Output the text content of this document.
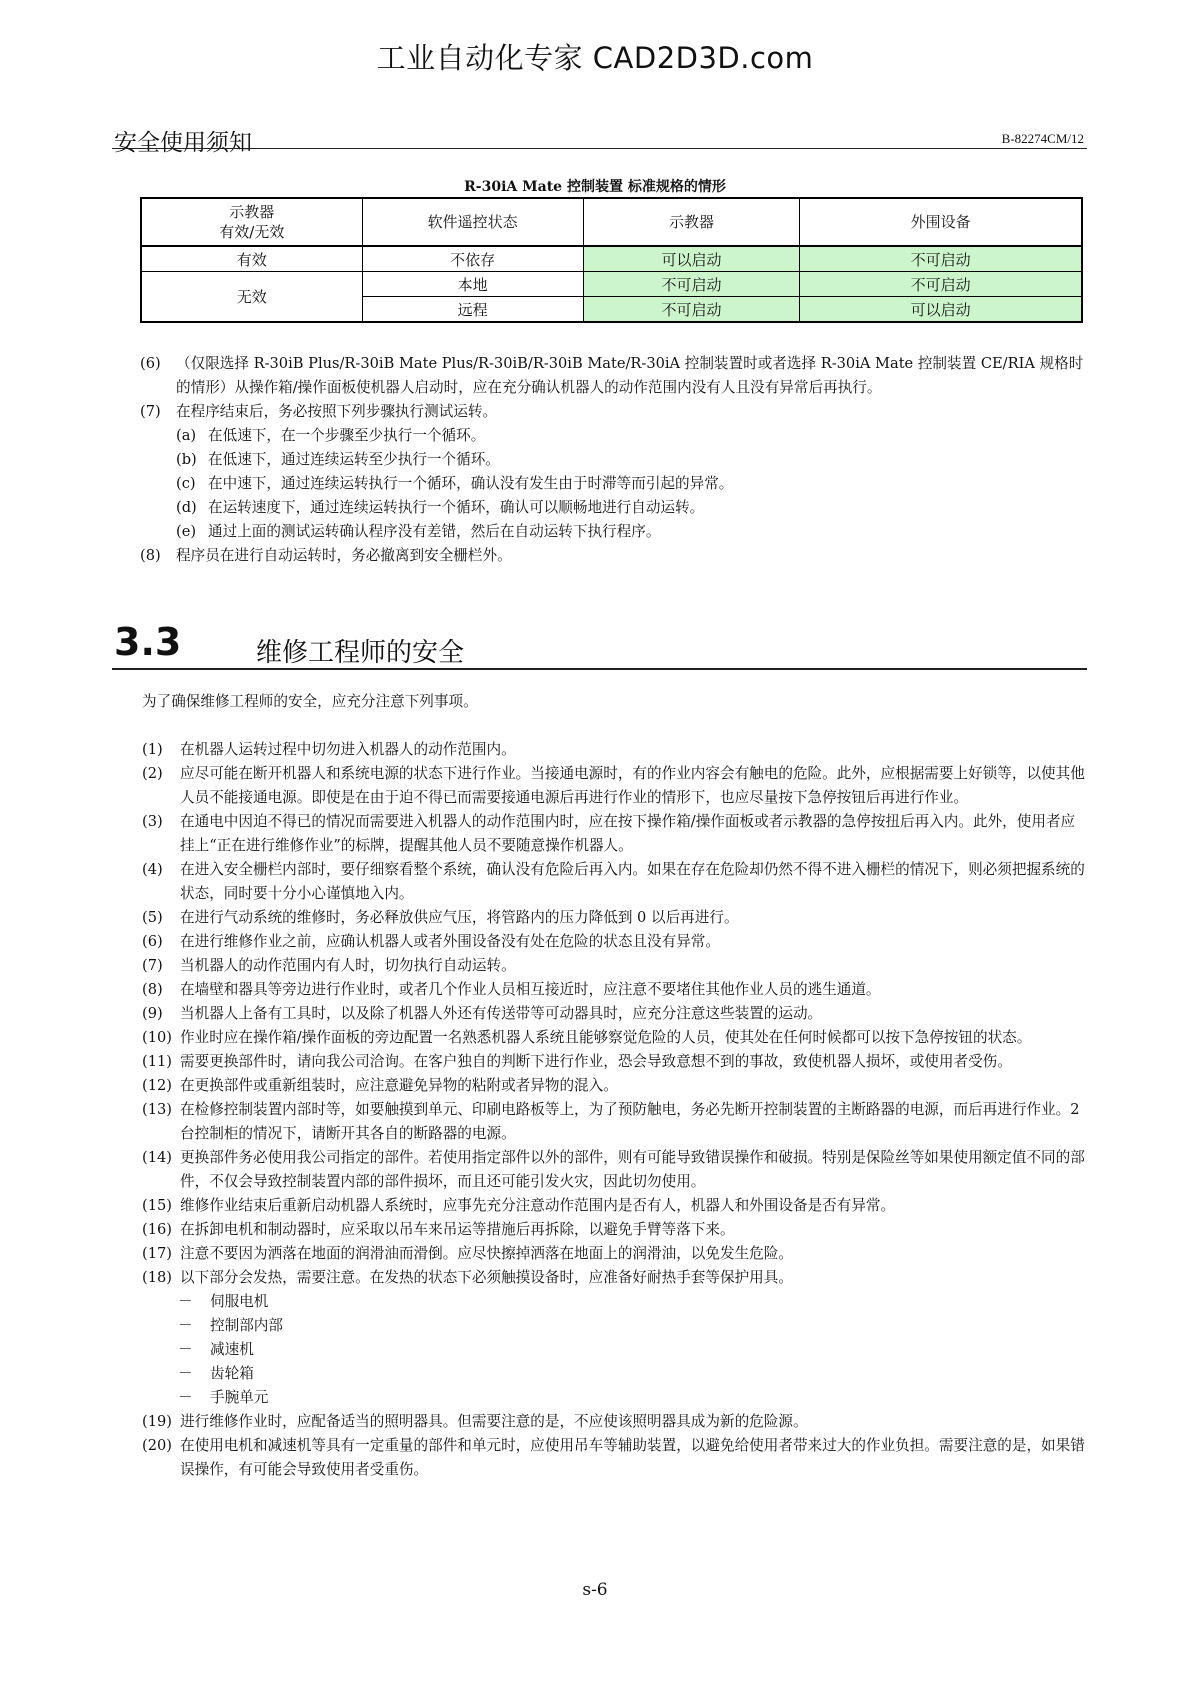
工业自动化专家 CAD2D3D.com
安全使用须知	B-82274CM/12
R-30iA Mate 控制装置 标准规格的情形
示教器
有效/无效	软件遥控状态	示教器	外围设备
有效	不依存	可以启动	不可启动
无效	本地	不可启动	不可启动
	远程	不可启动	可以启动
(6) （仅限选择 R-30iB Plus/R-30iB Mate Plus/R-30iB/R-30iB Mate/R-30iA 控制装置时或者选择 R-30iA Mate 控制装置 CE/RIA 规格时的情形）从操作箱/操作面板使机器人启动时，应在充分确认机器人的动作范围内没有人且没有异常后再执行。
(7) 在程序结束后，务必按照下列步骤执行测试运转。
(a) 在低速下，在一个步骤至少执行一个循环。
(b) 在低速下，通过连续运转至少执行一个循环。
(c) 在中速下，通过连续运转执行一个循环，确认没有发生由于时滞等而引起的异常。
(d) 在运转速度下，通过连续运转执行一个循环，确认可以顺畅地进行自动运转。
(e) 通过上面的测试运转确认程序没有差错，然后在自动运转下执行程序。
(8) 程序员在进行自动运转时，务必撤离到安全栅栏外。
3.3	维修工程师的安全
为了确保维修工程师的安全，应充分注意下列事项。
(1) 在机器人运转过程中切勿进入机器人的动作范围内。
(2) 应尽可能在断开机器人和系统电源的状态下进行作业。当接通电源时，有的作业内容会有触电的危险。此外，应根据需要上好锁等，以使其他人员不能接通电源。即使是在由于迫不得已而需要接通电源后再进行作业的情形下，也应尽量按下急停按钮后再进行作业。
(3) 在通电中因迫不得已的情况而需要进入机器人的动作范围内时，应在按下操作箱/操作面板或者示教器的急停按扭后再入内。此外，使用者应挂上“正在进行维修作业”的标牌，提醒其他人员不要随意操作机器人。
(4) 在进入安全栅栏内部时，要仔细察看整个系统，确认没有危险后再入内。如果在存在危险却仍然不得不进入栅栏的情况下，则必须把握系统的状态，同时要十分小心谨慎地入内。
(5) 在进行气动系统的维修时，务必释放供应气压，将管路内的压力降低到 0 以后再进行。
(6) 在进行维修作业之前，应确认机器人或者外围设备没有处在危险的状态且没有异常。
(7) 当机器人的动作范围内有人时，切勿执行自动运转。
(8) 在墙壁和器具等旁边进行作业时，或者几个作业人员相互接近时，应注意不要堵住其他作业人员的逃生通道。
(9) 当机器人上备有工具时，以及除了机器人外还有传送带等可动器具时，应充分注意这些装置的运动。
(10) 作业时应在操作箱/操作面板的旁边配置一名熟悉机器人系统且能够察觉危险的人员，使其处在任何时候都可以按下急停按钮的状态。
(11) 需要更换部件时，请向我公司洽询。在客户独自的判断下进行作业，恐会导致意想不到的事故，致使机器人损坏，或使用者受伤。
(12) 在更换部件或重新组装时，应注意避免异物的粘附或者异物的混入。
(13) 在检修控制装置内部时等，如要触摸到单元、印刷电路板等上，为了预防触电，务必先断开控制装置的主断路器的电源，而后再进行作业。2 台控制柜的情况下，请断开其各自的断路器的电源。
(14) 更换部件务必使用我公司指定的部件。若使用指定部件以外的部件，则有可能导致错误操作和破损。特别是保险丝等如果使用额定值不同的部件，不仅会导致控制装置内部的部件损坏，而且还可能引发火灾，因此切勿使用。
(15) 维修作业结束后重新启动机器人系统时，应事先充分注意动作范围内是否有人，机器人和外围设备是否有异常。
(16) 在拆卸电机和制动器时，应采取以吊车来吊运等措施后再拆除，以避免手臂等落下来。
(17) 注意不要因为洒落在地面的润滑油而滑倒。应尽快擦掉洒落在地面上的润滑油，以免发生危险。
(18) 以下部分会发热，需要注意。在发热的状态下必须触摸设备时，应准备好耐热手套等保护用具。
－ 伺服电机
－ 控制部内部
－ 减速机
－ 齿轮箱
－ 手腕单元
(19) 进行维修作业时，应配备适当的照明器具。但需要注意的是，不应使该照明器具成为新的危险源。
(20) 在使用电机和减速机等具有一定重量的部件和单元时，应使用吊车等辅助装置，以避免给使用者带来过大的作业负担。需要注意的是，如果错误操作，有可能会导致使用者受重伤。
s-6
